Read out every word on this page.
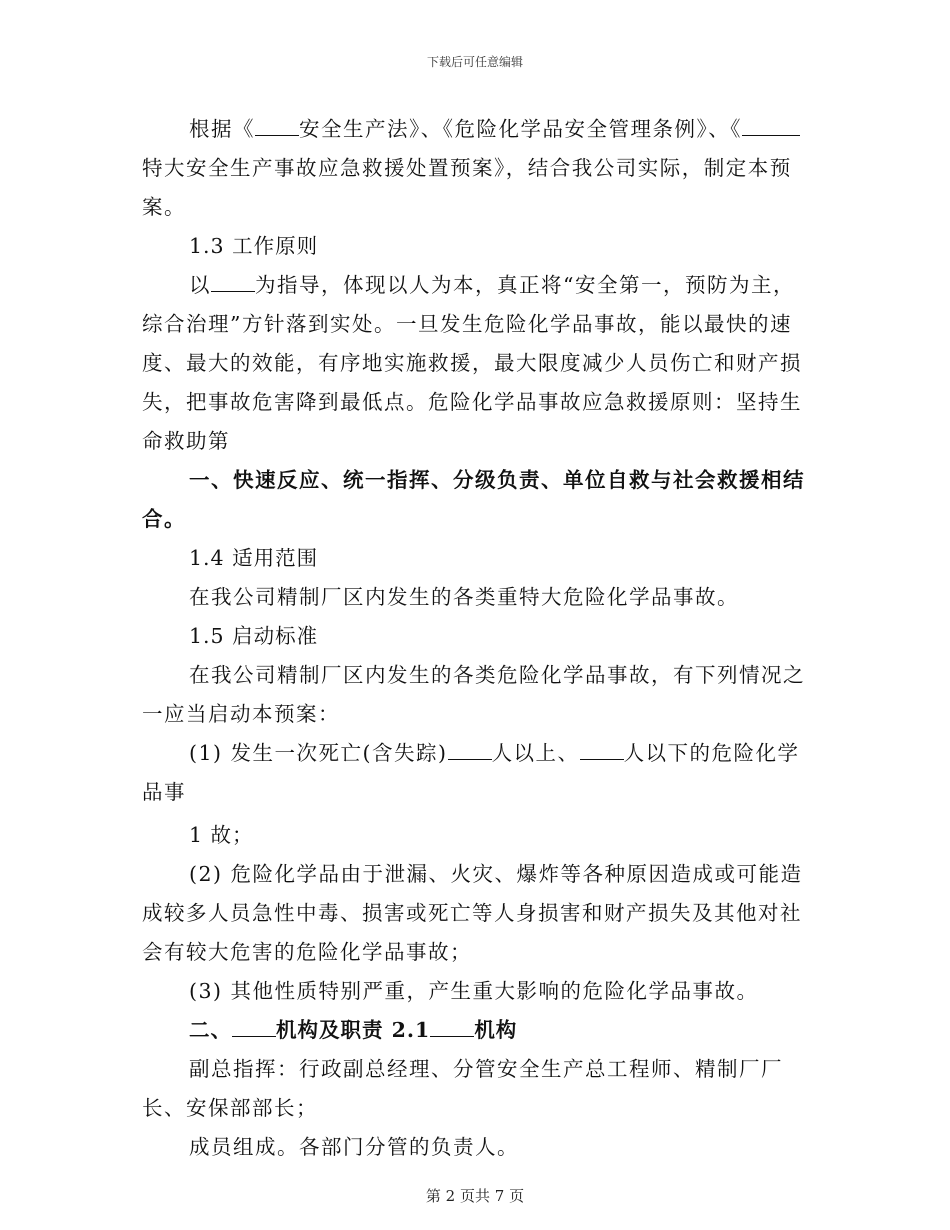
下载后可任意编辑

根据《 安全生产法》、《危险化学品安全管理条例》、《特大安全生产事故应急救援处置预案》，结合我公司实际，制定本预案。

1.3 工作原则

以 为指导，体现以人为本，真正将“安全第一，预防为主，综合治理”方针落到实处。一旦发生危险化学品事故，能以最快的速度、最大的效能，有序地实施救援，最大限度减少人员伤亡和财产损失，把事故危害降到最低点。危险化学品事故应急救援原则：坚持生命救助第

一、快速反应、统一指挥、分级负责、单位自救与社会救援相结合。

1.4 适用范围

在我公司精制厂区内发生的各类重特大危险化学品事故。

1.5 启动标准

在我公司精制厂区内发生的各类危险化学品事故，有下列情况之一应当启动本预案：

(1) 发生一次死亡(含失踪) 人以上、 人以下的危险化学品事

1 故；

(2) 危险化学品由于泄漏、火灾、爆炸等各种原因造成或可能造成较多人员急性中毒、损害或死亡等人身损害和财产损失及其他对社会有较大危害的危险化学品事故；

(3) 其他性质特别严重，产生重大影响的危险化学品事故。

二、 机构及职责 2.1 机构

副总指挥：行政副总经理、分管安全生产总工程师、精制厂厂长、安保部部长；

成员组成。各部门分管的负责人。

第 2 页共 7 页
